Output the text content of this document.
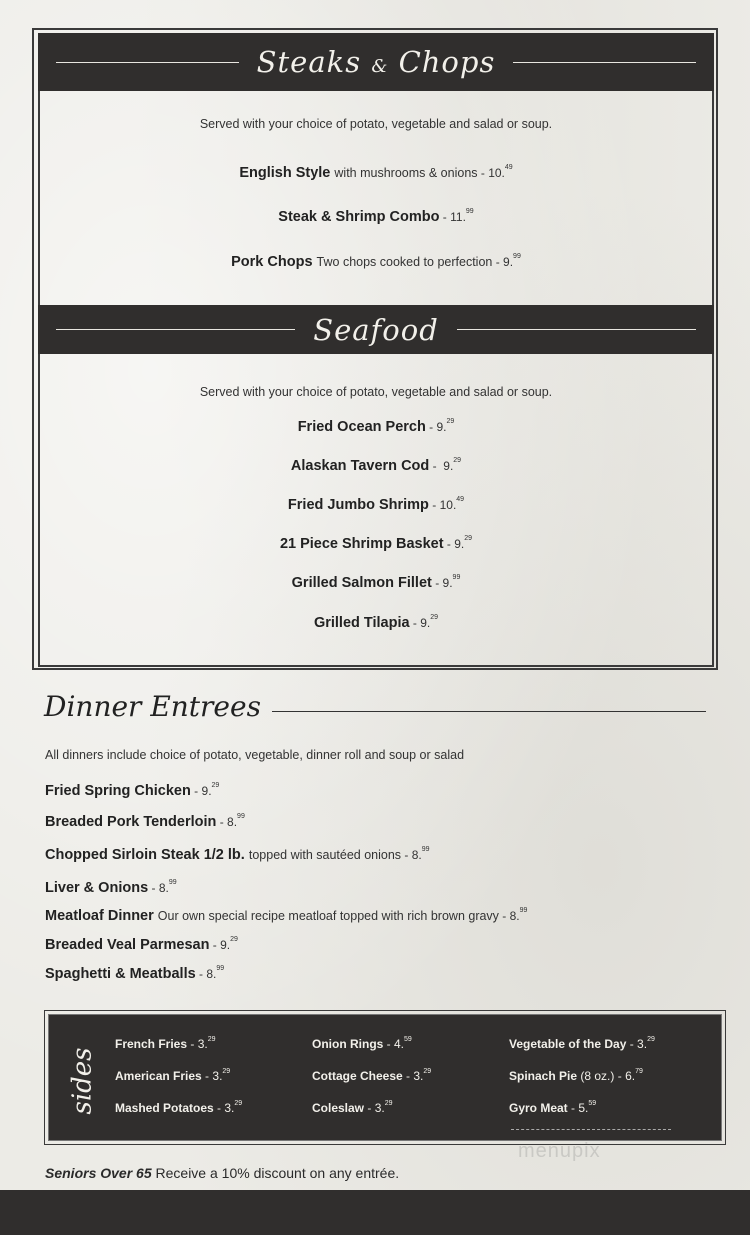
Steaks & Chops
Served with your choice of potato, vegetable and salad or soup.
English Style with mushrooms & onions - 10.49
Steak & Shrimp Combo - 11.99
Pork Chops Two chops cooked to perfection - 9.99
Seafood
Served with your choice of potato, vegetable and salad or soup.
Fried Ocean Perch - 9.29
Alaskan Tavern Cod -  9.29
Fried Jumbo Shrimp - 10.49
21 Piece Shrimp Basket - 9.29
Grilled Salmon Fillet - 9.99
Grilled Tilapia - 9.29
Dinner Entrees
All dinners include choice of potato, vegetable, dinner roll and soup or salad
Fried Spring Chicken - 9.29
Breaded Pork Tenderloin - 8.99
Chopped Sirloin Steak 1/2 lb. topped with sautéed onions - 8.99
Liver & Onions - 8.99
Meatloaf Dinner Our own special recipe meatloaf topped with rich brown gravy - 8.99
Breaded Veal Parmesan - 9.29
Spaghetti & Meatballs - 8.99
sides
French Fries - 3.29
American Fries - 3.29
Mashed Potatoes - 3.29
Onion Rings - 4.59
Cottage Cheese - 3.29
Coleslaw - 3.29
Vegetable of the Day - 3.29
Spinach Pie (8 oz.) - 6.79
Gyro Meat - 5.59
menupix
Seniors Over 65 Receive a 10% discount on any entrée.
